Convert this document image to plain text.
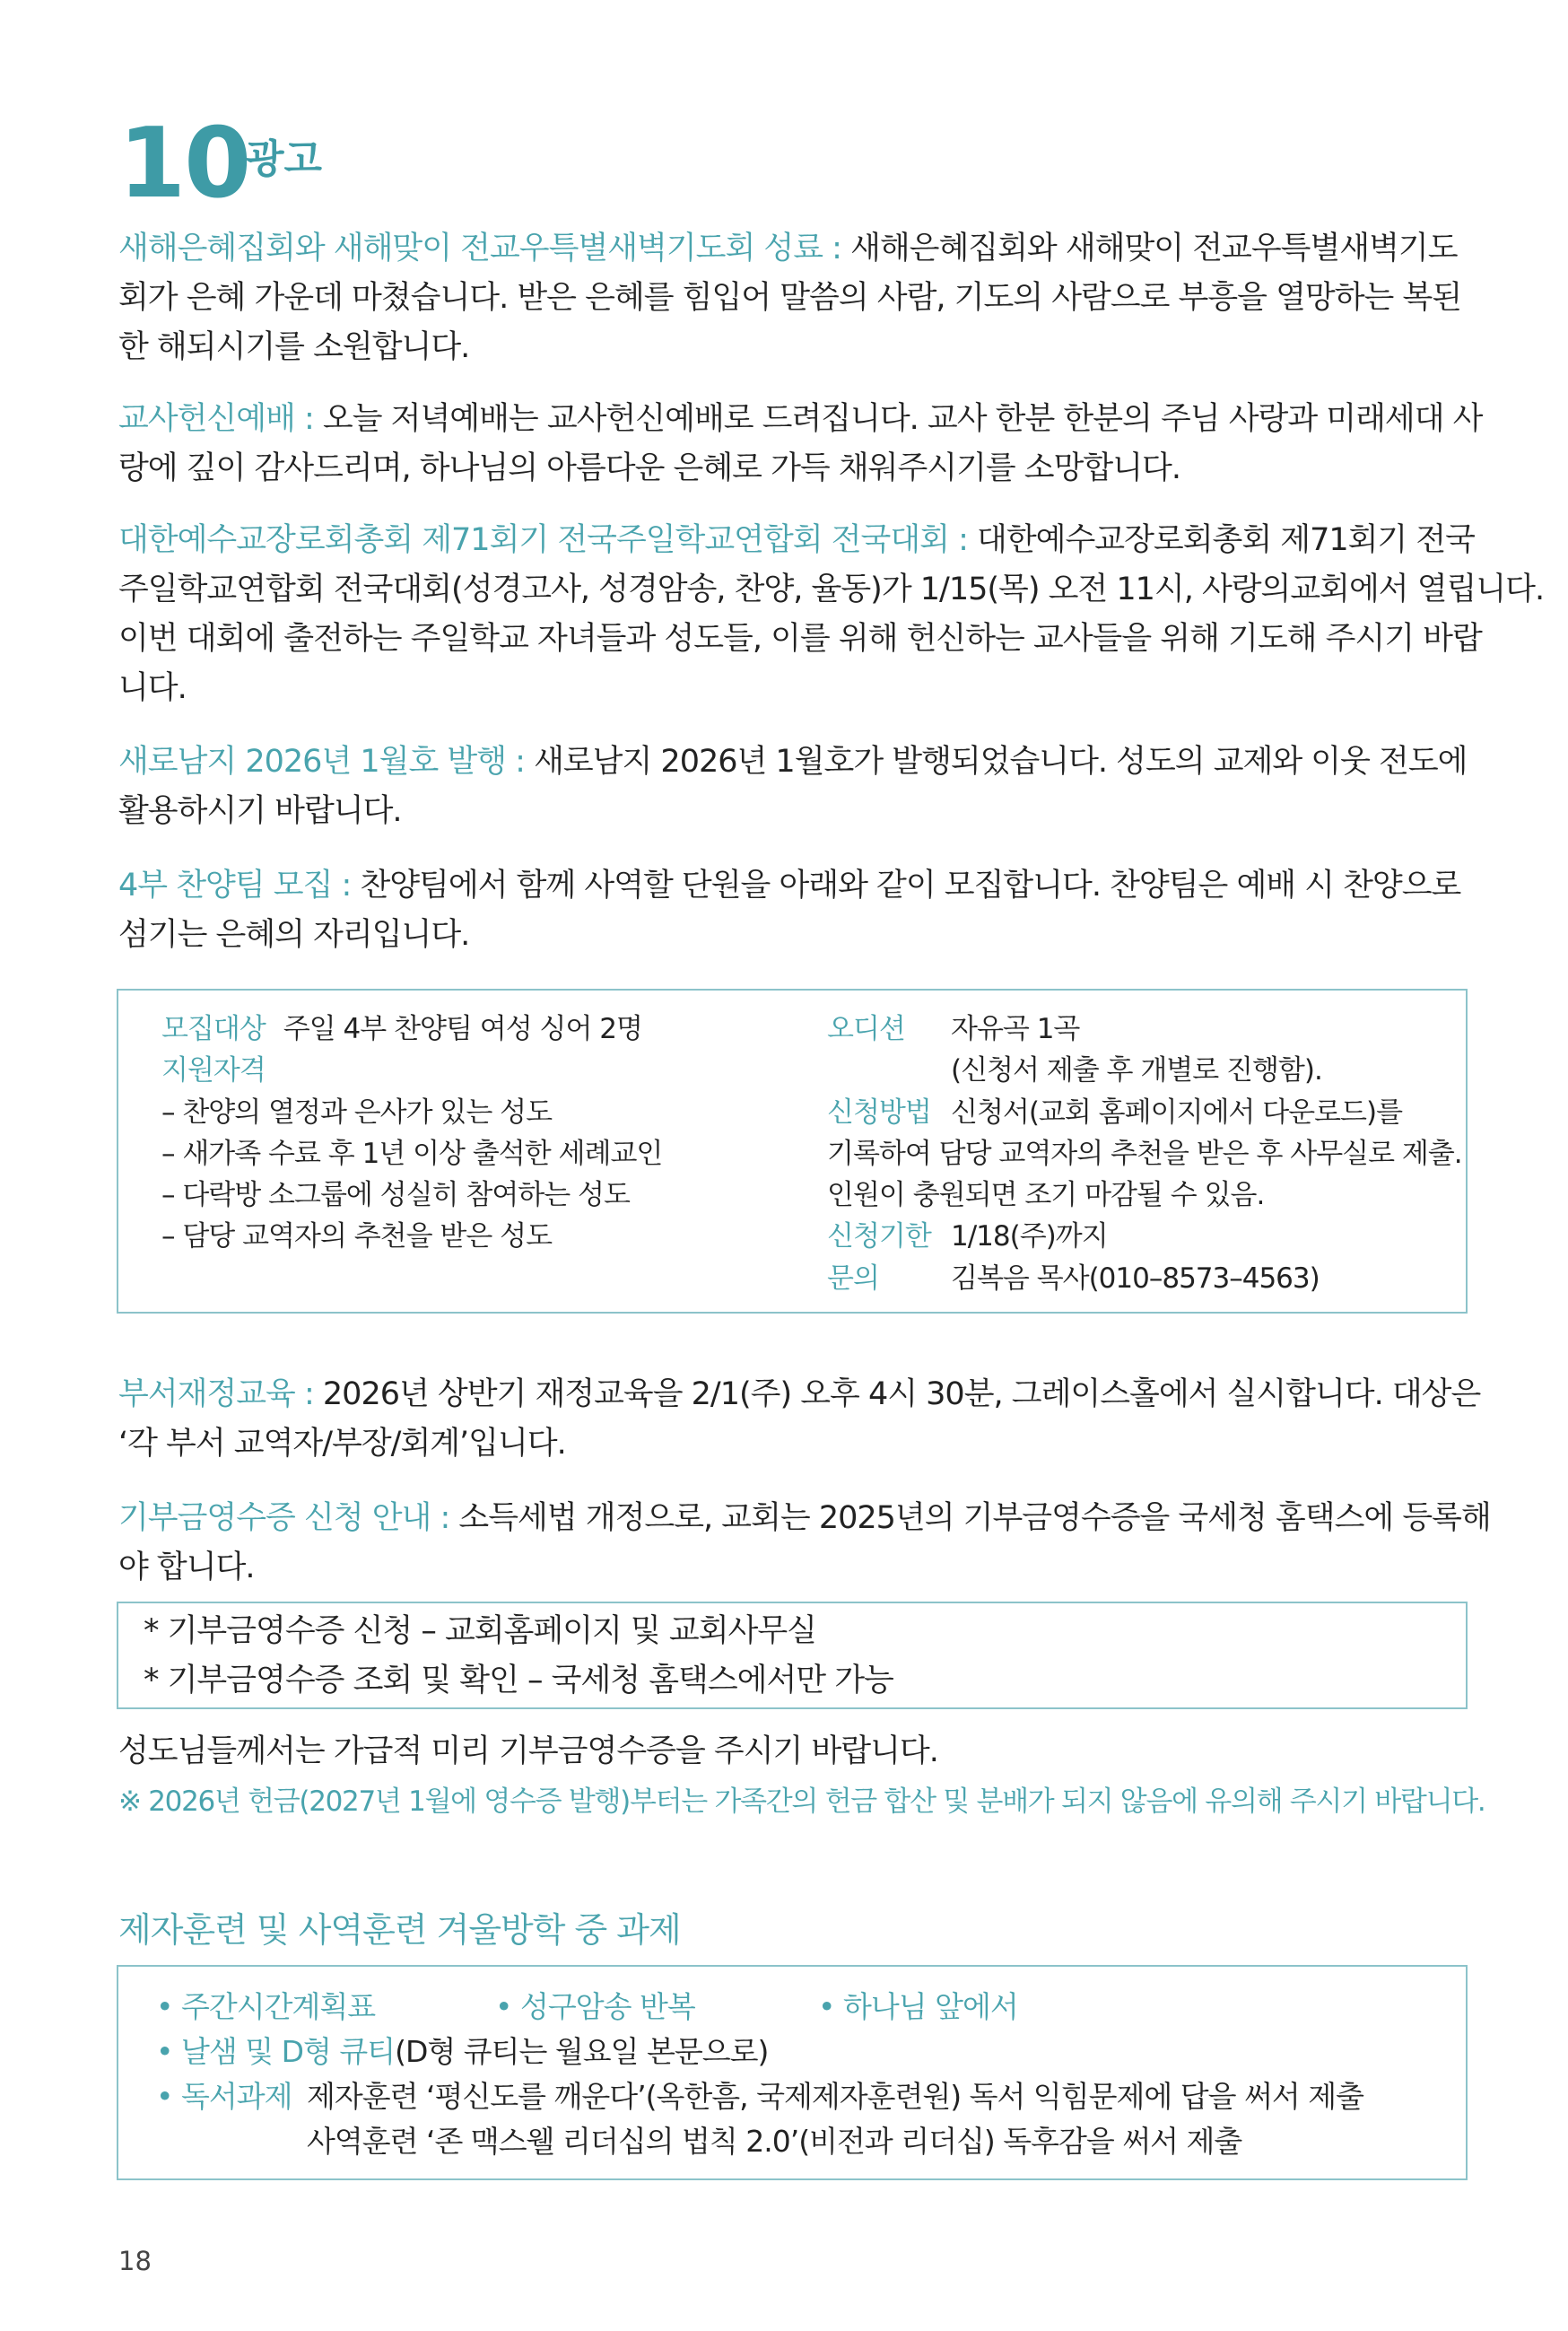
10
광고
새해은혜집회와 새해맞이 전교우특별새벽기도회 성료 : 새해은혜집회와 새해맞이 전교우특별새벽기도
회가 은혜 가운데 마쳤습니다. 받은 은혜를 힘입어 말씀의 사람, 기도의 사람으로 부흥을 열망하는 복된
한 해되시기를 소원합니다.
교사헌신예배 : 오늘 저녁예배는 교사헌신예배로 드려집니다. 교사 한분 한분의 주님 사랑과 미래세대 사
랑에 깊이 감사드리며, 하나님의 아름다운 은혜로 가득 채워주시기를 소망합니다.
대한예수교장로회총회 제71회기 전국주일학교연합회 전국대회 : 대한예수교장로회총회 제71회기 전국
주일학교연합회 전국대회(성경고사, 성경암송, 찬양, 율동)가 1/15(목) 오전 11시, 사랑의교회에서 열립니다.
이번 대회에 출전하는 주일학교 자녀들과 성도들, 이를 위해 헌신하는 교사들을 위해 기도해 주시기 바랍
니다.
새로남지 2026년 1월호 발행 : 새로남지 2026년 1월호가 발행되었습니다. 성도의 교제와 이웃 전도에
활용하시기 바랍니다.
4부 찬양팀 모집 : 찬양팀에서 함께 사역할 단원을 아래와 같이 모집합니다. 찬양팀은 예배 시 찬양으로
섬기는 은혜의 자리입니다.
모집대상 주일 4부 찬양팀 여성 싱어 2명
지원자격
– 찬양의 열정과 은사가 있는 성도
– 새가족 수료 후 1년 이상 출석한 세례교인
– 다락방 소그룹에 성실히 참여하는 성도
– 담당 교역자의 추천을 받은 성도
오디션	자유곡 1곡
(신청서 제출 후 개별로 진행함).
신청방법 신청서(교회 홈페이지에서 다운로드)를
기록하여 담당 교역자의 추천을 받은 후 사무실로 제출.
인원이 충원되면 조기 마감될 수 있음.
신청기한 1/18(주)까지
문의	김복음 목사(010–8573–4563)
부서재정교육 : 2026년 상반기 재정교육을 2/1(주) 오후 4시 30분, 그레이스홀에서 실시합니다. 대상은
‘각 부서 교역자/부장/회계’입니다.
기부금영수증 신청 안내 : 소득세법 개정으로, 교회는 2025년의 기부금영수증을 국세청 홈택스에 등록해
야 합니다.
* 기부금영수증 신청 – 교회홈페이지 및 교회사무실
* 기부금영수증 조회 및 확인 – 국세청 홈택스에서만 가능
성도님들께서는 가급적 미리 기부금영수증을 주시기 바랍니다.
※ 2026년 헌금(2027년 1월에 영수증 발행)부터는 가족간의 헌금 합산 및 분배가 되지 않음에 유의해 주시기 바랍니다.
제자훈련 및 사역훈련 겨울방학 중 과제
• 주간시간계획표	• 성구암송 반복	• 하나님 앞에서
• 날샘 및 D형 큐티(D형 큐티는 월요일 본문으로)
• 독서과제 제자훈련 ‘평신도를 깨운다’(옥한흠, 국제제자훈련원) 독서 익힘문제에 답을 써서 제출
사역훈련 ‘존 맥스웰 리더십의 법칙 2.0’(비전과 리더십) 독후감을 써서 제출
18
